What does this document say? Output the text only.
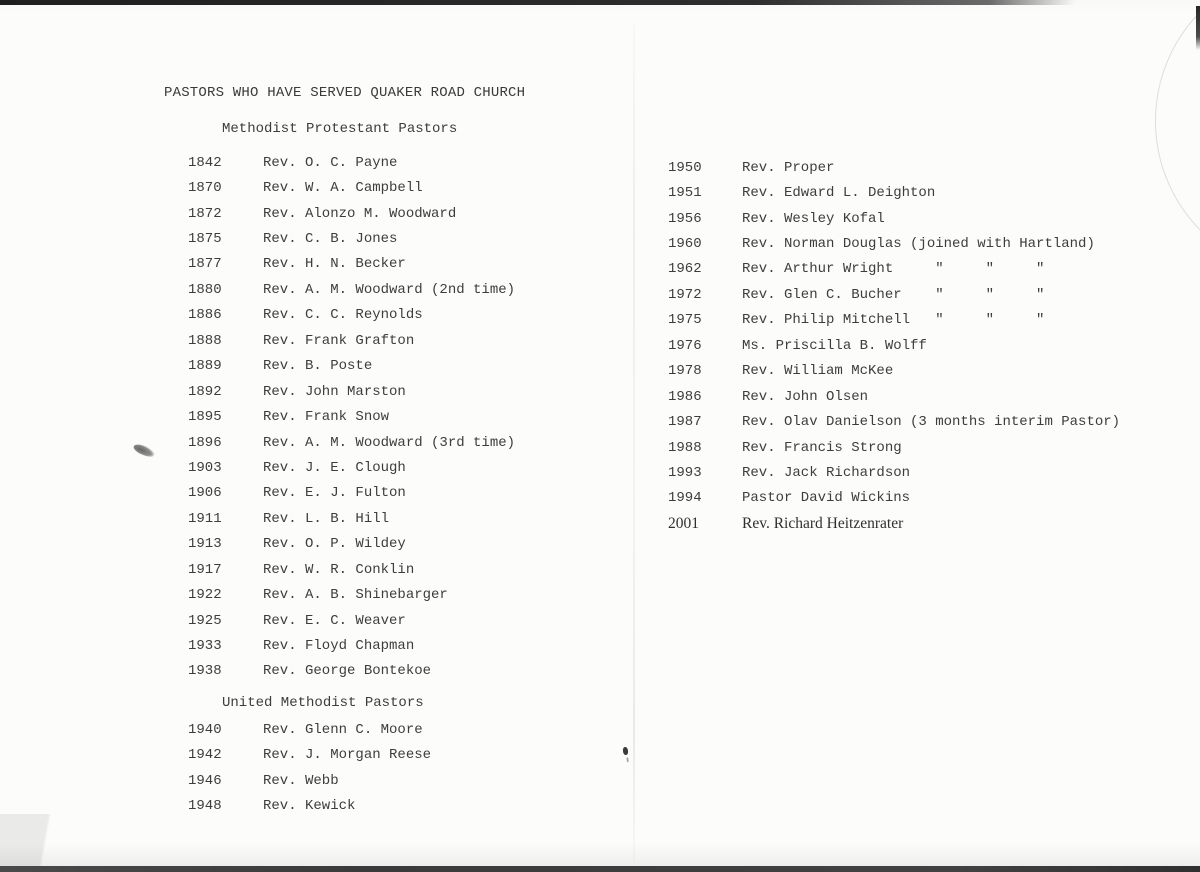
PASTORS WHO HAVE SERVED QUAKER ROAD CHURCH
Methodist Protestant Pastors
1842	Rev. O. C. Payne
1870	Rev. W. A. Campbell
1872	Rev. Alonzo M. Woodward
1875	Rev. C. B. Jones
1877	Rev. H. N. Becker
1880	Rev. A. M. Woodward (2nd time)
1886	Rev. C. C. Reynolds
1888	Rev. Frank Grafton
1889	Rev. B. Poste
1892	Rev. John Marston
1895	Rev. Frank Snow
1896	Rev. A. M. Woodward (3rd time)
1903	Rev. J. E. Clough
1906	Rev. E. J. Fulton
1911	Rev. L. B. Hill
1913	Rev. O. P. Wildey
1917	Rev. W. R. Conklin
1922	Rev. A. B. Shinebarger
1925	Rev. E. C. Weaver
1933	Rev. Floyd Chapman
1938	Rev. George Bontekoe
United Methodist Pastors
1940	Rev. Glenn C. Moore
1942	Rev. J. Morgan Reese
1946	Rev. Webb
1948	Rev. Kewick
1950	Rev. Proper
1951	Rev. Edward L. Deighton
1956	Rev. Wesley Kofal
1960	Rev. Norman Douglas (joined with Hartland)
1962	Rev. Arthur Wright     "     "     "
1972	Rev. Glen C. Bucher    "     "     "
1975	Rev. Philip Mitchell   "     "     "
1976	Ms. Priscilla B. Wolff
1978	Rev. William McKee
1986	Rev. John Olsen
1987	Rev. Olav Danielson (3 months interim Pastor)
1988	Rev. Francis Strong
1993	Rev. Jack Richardson
1994	Pastor David Wickins
2001	Rev. Richard Heitzenrater
